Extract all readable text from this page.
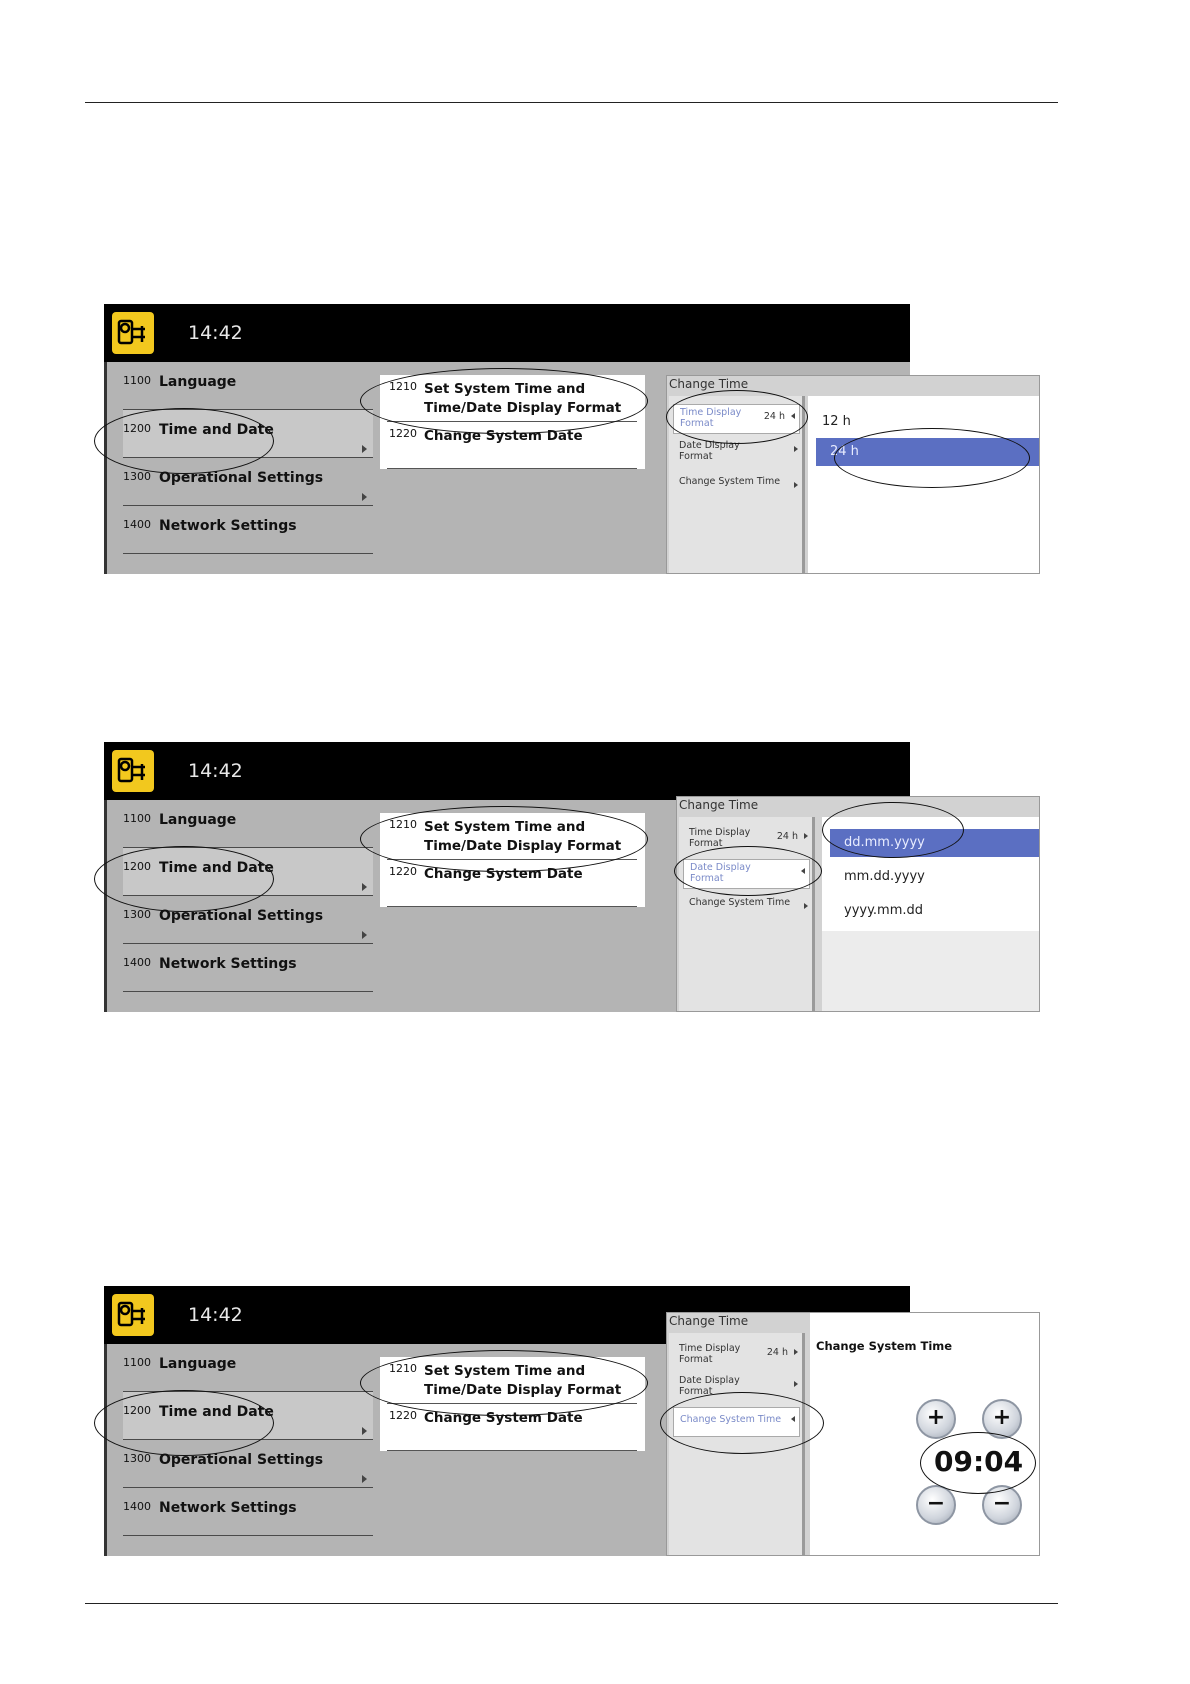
14:42
1100 Language
1200 Time and Date
1300 Operational Settings
1400 Network Settings
1210 Set System Time and Time/Date Display Format
1220 Change System Date
Change Time
Time Display Format
24 h
Date Display Format
Change System Time
12 h
24 h
14:42
1100 Language
1200 Time and Date
1300 Operational Settings
1400 Network Settings
1210 Set System Time and Time/Date Display Format
1220 Change System Date
Change Time
Time Display Format
24 h
Date Display Format
Change System Time
dd.mm.yyyy
mm.dd.yyyy
yyyy.mm.dd
14:42
1100 Language
1200 Time and Date
1300 Operational Settings
1400 Network Settings
1210 Set System Time and Time/Date Display Format
1220 Change System Date
Change Time
Time Display Format
24 h
Date Display Format
Change System Time
Change System Time
+	+
09:04
−	−
